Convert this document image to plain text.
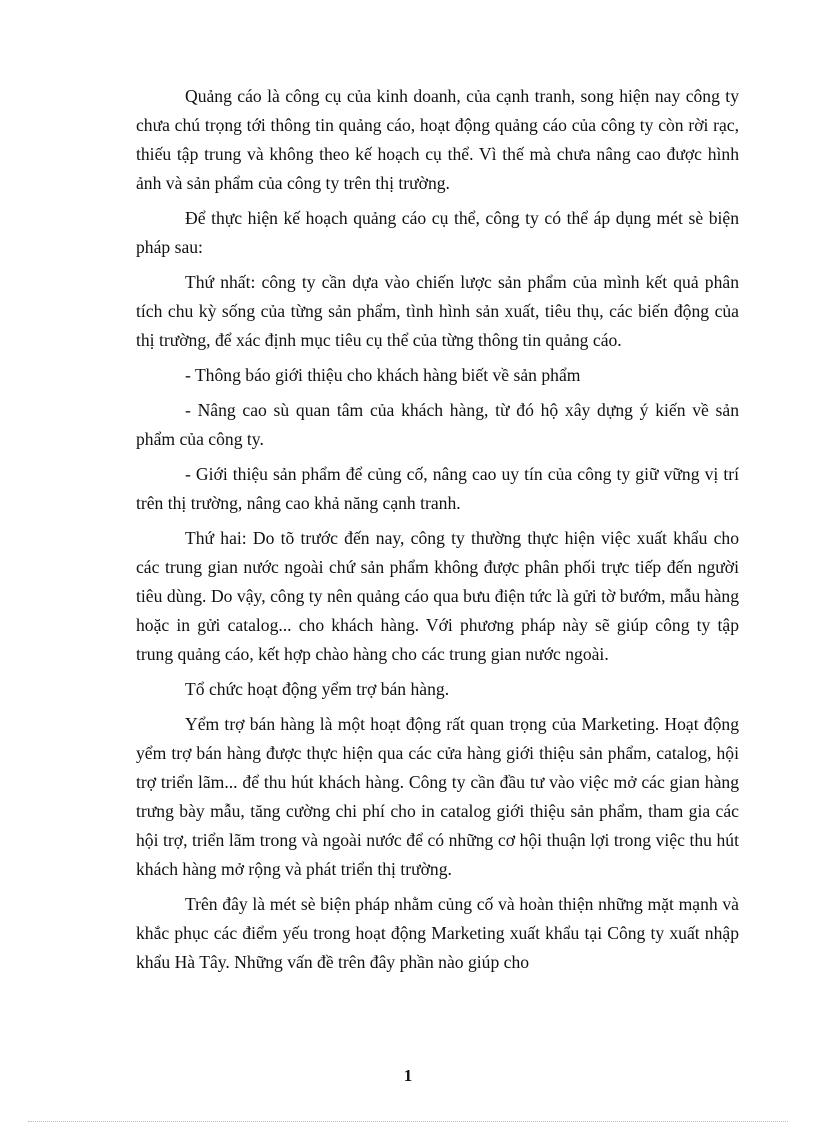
Quảng cáo là công cụ của kinh doanh, của cạnh tranh, song hiện nay công ty chưa chú trọng tới thông tin quảng cáo, hoạt động quảng cáo của công ty còn rời rạc, thiếu tập trung và không theo kế hoạch cụ thể. Vì thế mà chưa nâng cao được hình ảnh và sản phẩm của công ty trên thị trường.

Để thực hiện kế hoạch quảng cáo cụ thể, công ty có thể áp dụng mét sè biện pháp sau:

Thứ nhất: công ty cần dựa vào chiến lược sản phẩm của mình kết quả phân tích chu kỳ sống của từng sản phẩm, tình hình sản xuất, tiêu thụ, các biến động của thị trường, để xác định mục tiêu cụ thể của từng thông tin quảng cáo.

- Thông báo giới thiệu cho khách hàng biết về sản phẩm

- Nâng cao sù quan tâm của khách hàng, từ đó hộ xây dựng ý kiến về sản phẩm của công ty.

- Giới thiệu sản phẩm để củng cố, nâng cao uy tín của công ty giữ vững vị trí trên thị trường, nâng cao khả năng cạnh tranh.

Thứ hai: Do tõ trước đến nay, công ty thường thực hiện việc xuất khẩu cho các trung gian nước ngoài chứ sản phẩm không được phân phối trực tiếp đến người tiêu dùng. Do vậy, công ty nên quảng cáo qua bưu điện tức là gửi tờ bướm, mẫu hàng hoặc in gửi catalog... cho khách hàng. Với phương pháp này sẽ giúp công ty tập trung quảng cáo, kết hợp chào hàng cho các trung gian nước ngoài.

Tổ chức hoạt động yểm trợ bán hàng.

Yểm trợ bán hàng là một hoạt động rất quan trọng của Marketing. Hoạt động yểm trợ bán hàng được thực hiện qua các cửa hàng giới thiệu sản phẩm, catalog, hội trợ triển lãm... để thu hút khách hàng. Công ty cần đầu tư vào việc mở các gian hàng trưng bày mẫu, tăng cường chi phí cho in catalog giới thiệu sản phẩm, tham gia các hội trợ, triển lãm trong và ngoài nước để có những cơ hội thuận lợi trong việc thu hút khách hàng mở rộng và phát triển thị trường.

Trên đây là mét sè biện pháp nhằm củng cố và hoàn thiện những mặt mạnh và khắc phục các điểm yếu trong hoạt động Marketing xuất khẩu tại Công ty xuất nhập khẩu Hà Tây. Những vấn đề trên đây phần nào giúp cho

1
